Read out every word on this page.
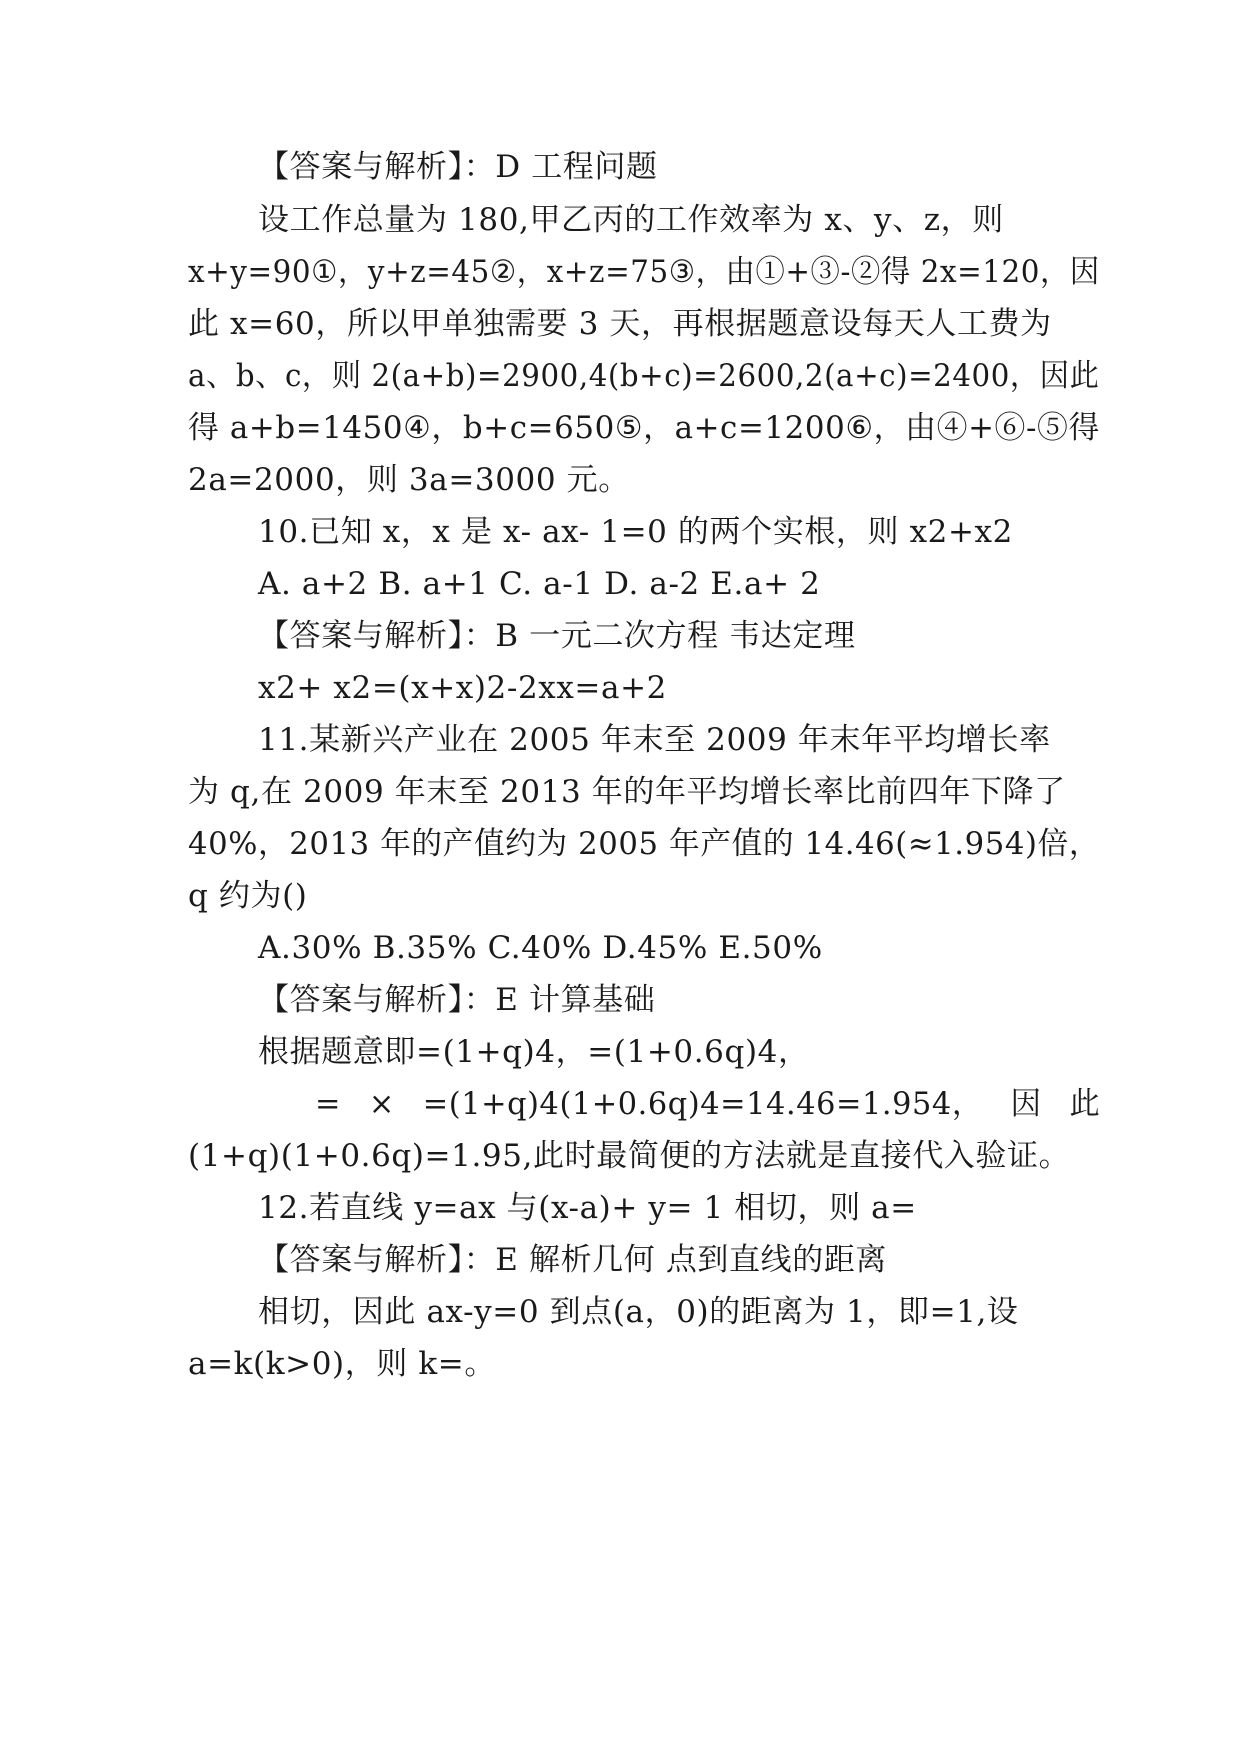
【答案与解析】：D 工程问题

设工作总量为 180,甲乙丙的工作效率为 x、y、z，则

x+y=90①，y+z=45②，x+z=75③，由①+③-②得 2x=120，因

此 x=60，所以甲单独需要 3 天，再根据题意设每天人工费为

a、b、c，则 2(a+b)=2900,4(b+c)=2600,2(a+c)=2400，因此

得 a+b=1450④，b+c=650⑤，a+c=1200⑥，由④+⑥-⑤得

2a=2000，则 3a=3000 元。

10.已知 x，x 是 x- ax- 1=0 的两个实根，则 x2+x2

A. a+2 B. a+1 C. a-1 D. a-2 E.a+ 2

【答案与解析】：B 一元二次方程 韦达定理

x2+ x2=(x+x)2-2xx=a+2

11.某新兴产业在 2005 年末至 2009 年末年平均增长率

为 q,在 2009 年末至 2013 年的年平均增长率比前四年下降了

40%，2013 年的产值约为 2005 年产值的 14.46(≈1.954)倍，

q 约为()

A.30% B.35% C.40% D.45% E.50%

【答案与解析】：E 计算基础

根据题意即=(1+q)4，=(1+0.6q)4，

= × =(1+q)4(1+0.6q)4=14.46=1.954， 因 此

(1+q)(1+0.6q)=1.95,此时最简便的方法就是直接代入验证。

12.若直线 y=ax 与(x-a)+ y= 1 相切，则 a=

【答案与解析】：E 解析几何 点到直线的距离

相切，因此 ax-y=0 到点(a，0)的距离为 1，即=1,设

a=k(k>0)，则 k=。
